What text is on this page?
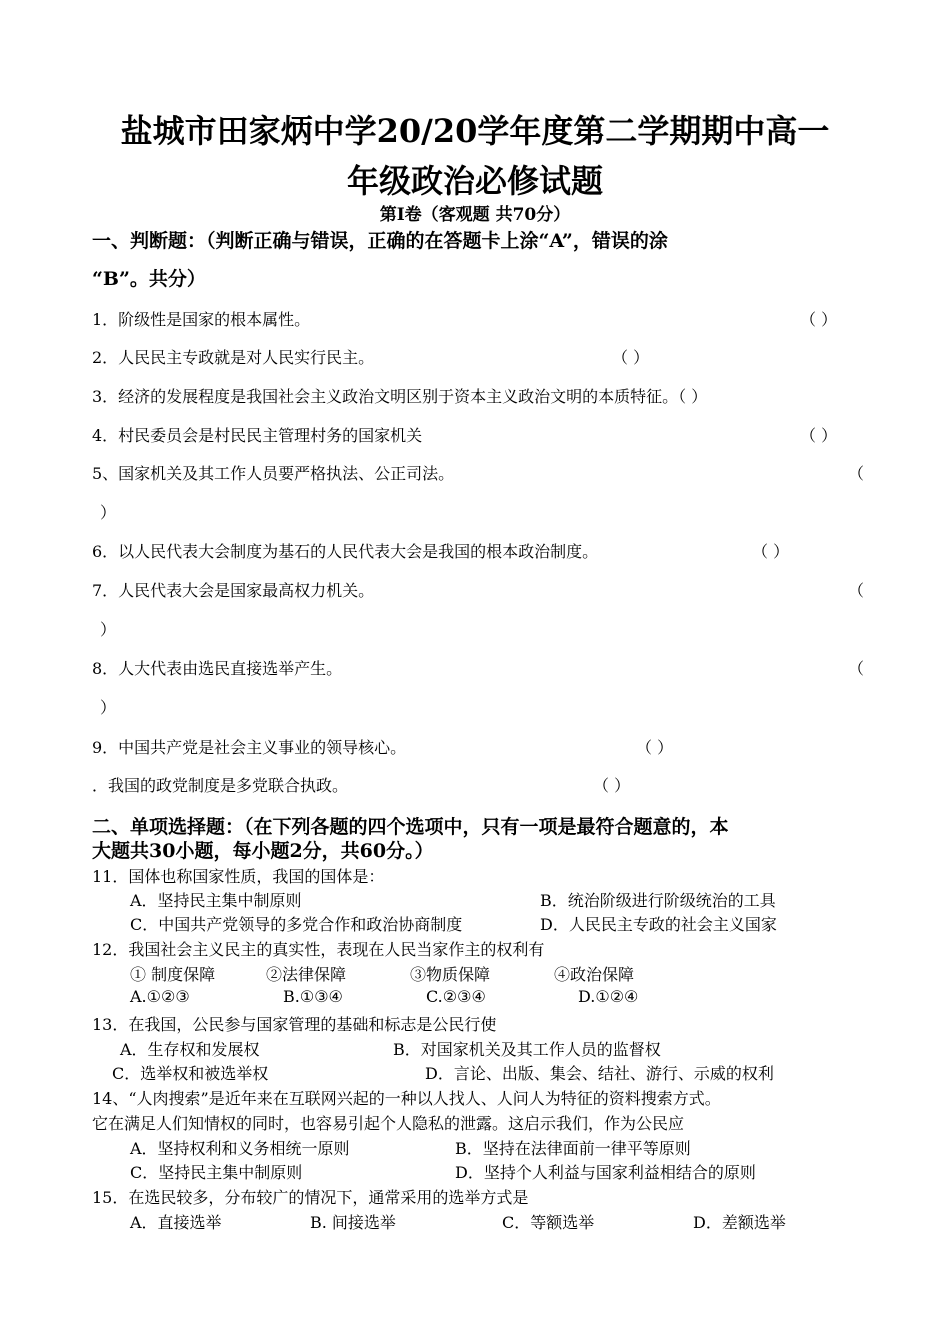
盐城市田家炳中学20/20学年度第二学期期中高一
年级政治必修试题
第Ⅰ卷（客观题 共70分）
一、判断题：（判断正确与错误，正确的在答题卡上涂“A”，错误的涂
“B”。共分）
1．阶级性是国家的根本属性。	（ ）
2．人民民主专政就是对人民实行民主。	（ ）
3．经济的发展程度是我国社会主义政治文明区别于资本主义政治文明的本质特征。（ ）
4．村民委员会是村民民主管理村务的国家机关	（ ）
5、国家机关及其工作人员要严格执法、公正司法。	（
）
6．以人民代表大会制度为基石的人民代表大会是我国的根本政治制度。	（ ）
7．人民代表大会是国家最高权力机关。	（
）
8．人大代表由选民直接选举产生。	（
）
9．中国共产党是社会主义事业的领导核心。	（ ）
．我国的政党制度是多党联合执政。	（ ）
二、单项选择题：（在下列各题的四个选项中，只有一项是最符合题意的，本
大题共30小题，每小题2分，共60分。）
11．国体也称国家性质，我国的国体是：
A．坚持民主集中制原则	B．统治阶级进行阶级统治的工具
C．中国共产党领导的多党合作和政治协商制度	D．人民民主专政的社会主义国家
12．我国社会主义民主的真实性，表现在人民当家作主的权利有
① 制度保障	②法律保障	③物质保障	④政治保障
A.①②③	B.①③④	C.②③④	D.①②④
13．在我国，公民参与国家管理的基础和标志是公民行使
A．生存权和发展权	B．对国家机关及其工作人员的监督权
C．选举权和被选举权	D．言论、出版、集会、结社、游行、示威的权利
14、“人肉搜索”是近年来在互联网兴起的一种以人找人、人问人为特征的资料搜索方式。
它在满足人们知情权的同时，也容易引起个人隐私的泄露。这启示我们，作为公民应
A．坚持权利和义务相统一原则	B．坚持在法律面前一律平等原则
C．坚持民主集中制原则	D．坚持个人利益与国家利益相结合的原则
15．在选民较多，分布较广的情况下，通常采用的选举方式是
A．直接选举	B. 间接选举	C．等额选举	D．差额选举
